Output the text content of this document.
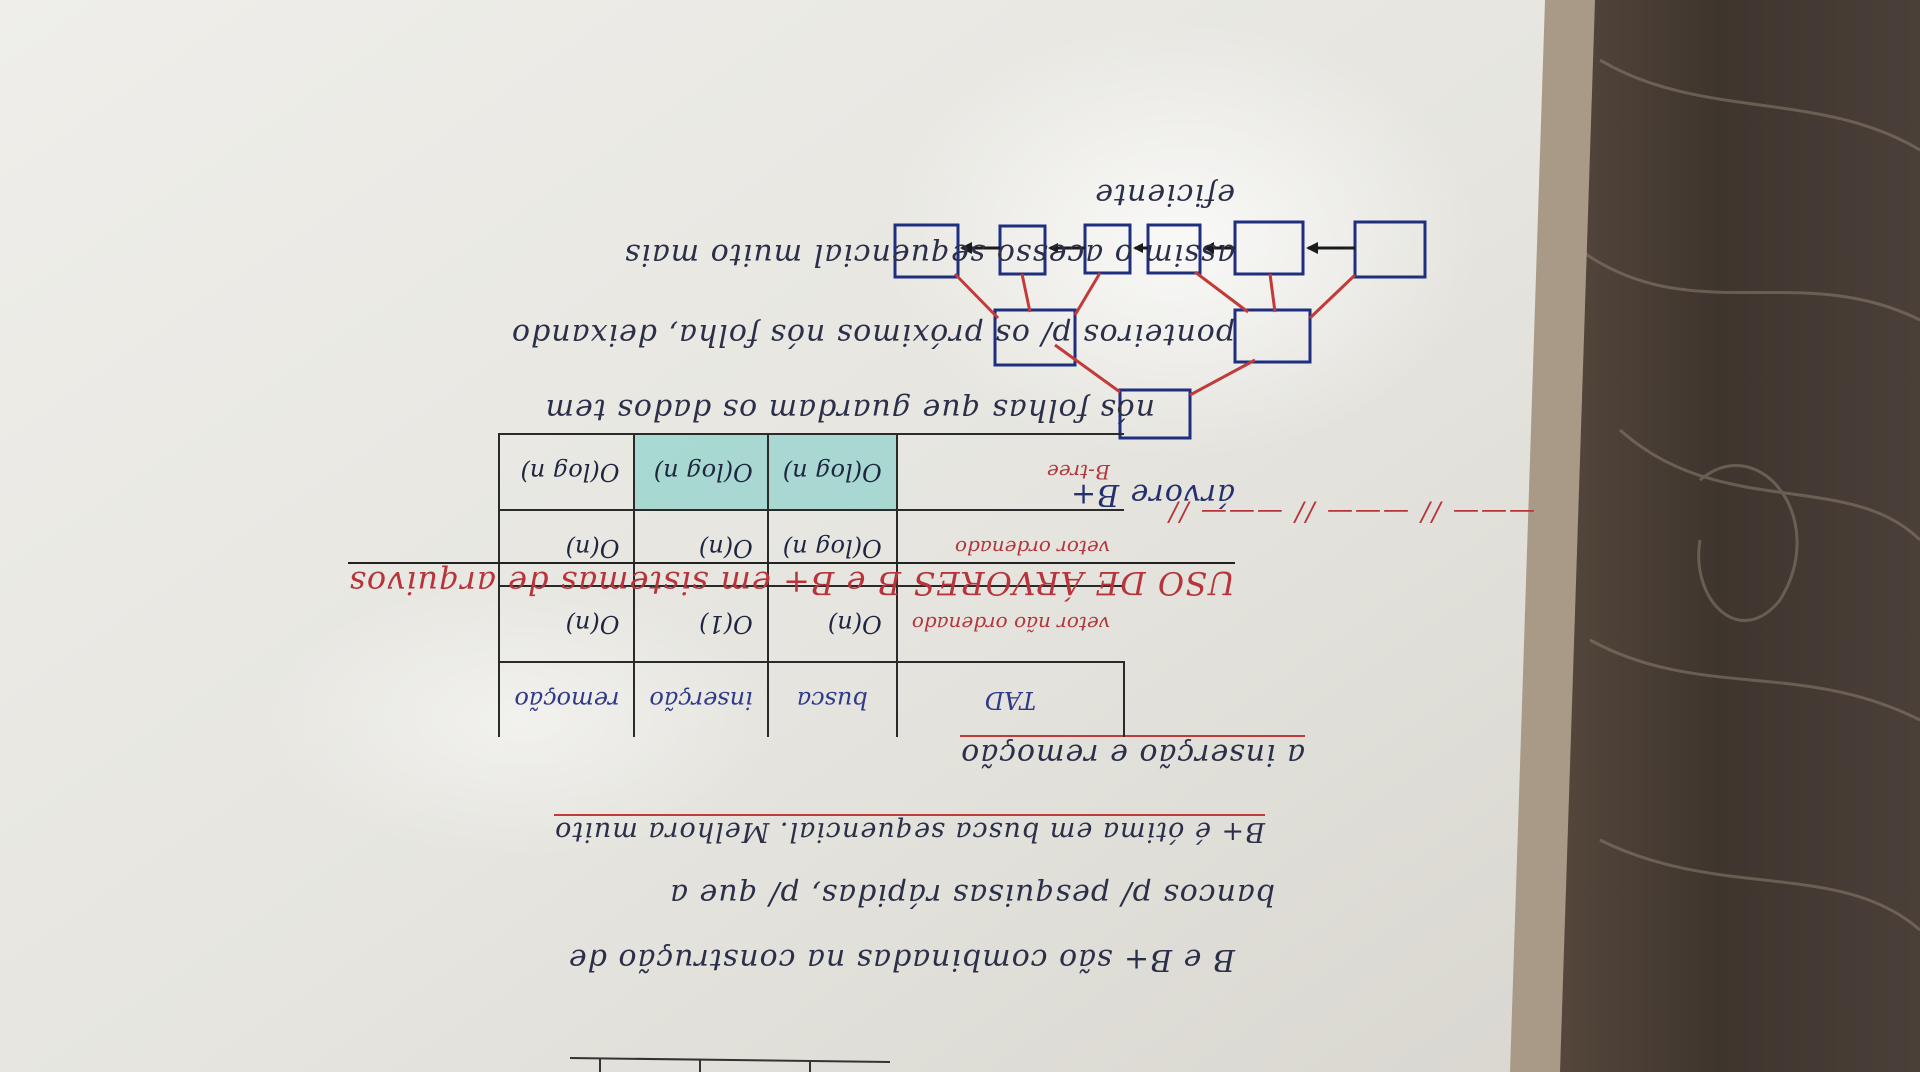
B e B+ são combinadas na construção de
bancos p/ pesquisas rápidas, p/ que a
B+ é ótima em busca sequencial. Melhora muito
a inserção e remoção
TAD	busca	inserção	remoção
vetor não ordenado	O(n)	O(1)	O(n)
vetor ordenado	O(log n)	O(n)	O(n)
B-tree	O(log n)	O(log n)	O(log n)
——— // ——— // ——— //
USO DE ÁRVORES B e B+ em sistemas de arquivos
árvore B+
nós folhas que guardam os dados tem
ponteiros p/ os próximos nós folha, deixando
assim o acesso sequencial muito mais
eficiente
